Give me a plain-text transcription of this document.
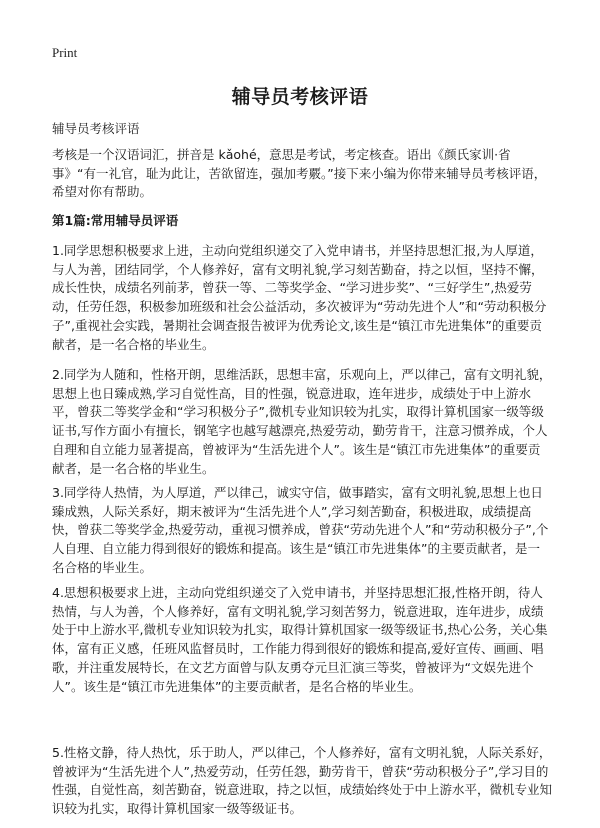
Print
辅导员考核评语
辅导员考核评语

考核是一个汉语词汇，拼音是 kǎohé，意思是考试，考定核查。语出《颜氏家训·省事》“有一礼官，耻为此让，苦欲留连，强加考覈。”接下来小编为你带来辅导员考核评语，希望对你有帮助。

第1篇:常用辅导员评语

1.同学思想积极要求上进，主动向党组织递交了入党申请书，并坚持思想汇报,为人厚道，与人为善，团结同学，个人修养好，富有文明礼貌,学习刻苦勤奋，持之以恒，坚持不懈，成长性快，成绩名列前茅，曾获一等、二等奖学金、“学习进步奖”、“三好学生”,热爱劳动，任劳任怨，积极参加班级和社会公益活动，多次被评为“劳动先进个人”和“劳动积极分子”,重视社会实践，暑期社会调查报告被评为优秀论文,该生是“镇江市先进集体”的重要贡献者，是一名合格的毕业生。

2.同学为人随和，性格开朗，思维活跃，思想丰富，乐观向上，严以律己，富有文明礼貌，思想上也日臻成熟,学习自觉性高，目的性强，锐意进取，连年进步，成绩处于中上游水平，曾获二等奖学金和“学习积极分子”,微机专业知识较为扎实，取得计算机国家一级等级证书,写作方面小有擅长，钢笔字也越写越漂亮,热爱劳动，勤劳肯干，注意习惯养成，个人自理和自立能力显著提高，曾被评为“生活先进个人”。该生是“镇江市先进集体”的重要贡献者，是一名合格的毕业生。

3.同学待人热情，为人厚道，严以律己，诚实守信，做事踏实，富有文明礼貌,思想上也日臻成熟，人际关系好，期末被评为“生活先进个人”,学习刻苦勤奋，积极进取，成绩提高快，曾获二等奖学金,热爱劳动，重视习惯养成，曾获“劳动先进个人”和“劳动积极分子”,个人自理、自立能力得到很好的锻炼和提高。该生是“镇江市先进集体”的主要贡献者，是一名合格的毕业生。

4.思想积极要求上进，主动向党组织递交了入党申请书，并坚持思想汇报,性格开朗，待人热情，与人为善，个人修养好，富有文明礼貌,学习刻苦努力，锐意进取，连年进步，成绩处于中上游水平,微机专业知识较为扎实，取得计算机国家一级等级证书,热心公务，关心集体，富有正义感，任班风监督员时，工作能力得到很好的锻炼和提高,爱好宣传、画画、唱歌，并注重发展特长，在文艺方面曾与队友勇夺元旦汇演三等奖，曾被评为“文娱先进个人”。该生是“镇江市先进集体”的主要贡献者，是名合格的毕业生。

5.性格文静，待人热忱，乐于助人，严以律己，个人修养好，富有文明礼貌，人际关系好，曾被评为“生活先进个人”,热爱劳动，任劳任怨，勤劳肯干，曾获“劳动积极分子”,学习目的性强，自觉性高，刻苦勤奋，锐意进取，持之以恒，成绩始终处于中上游水平，微机专业知识较为扎实，取得计算机国家一级等级证书。
